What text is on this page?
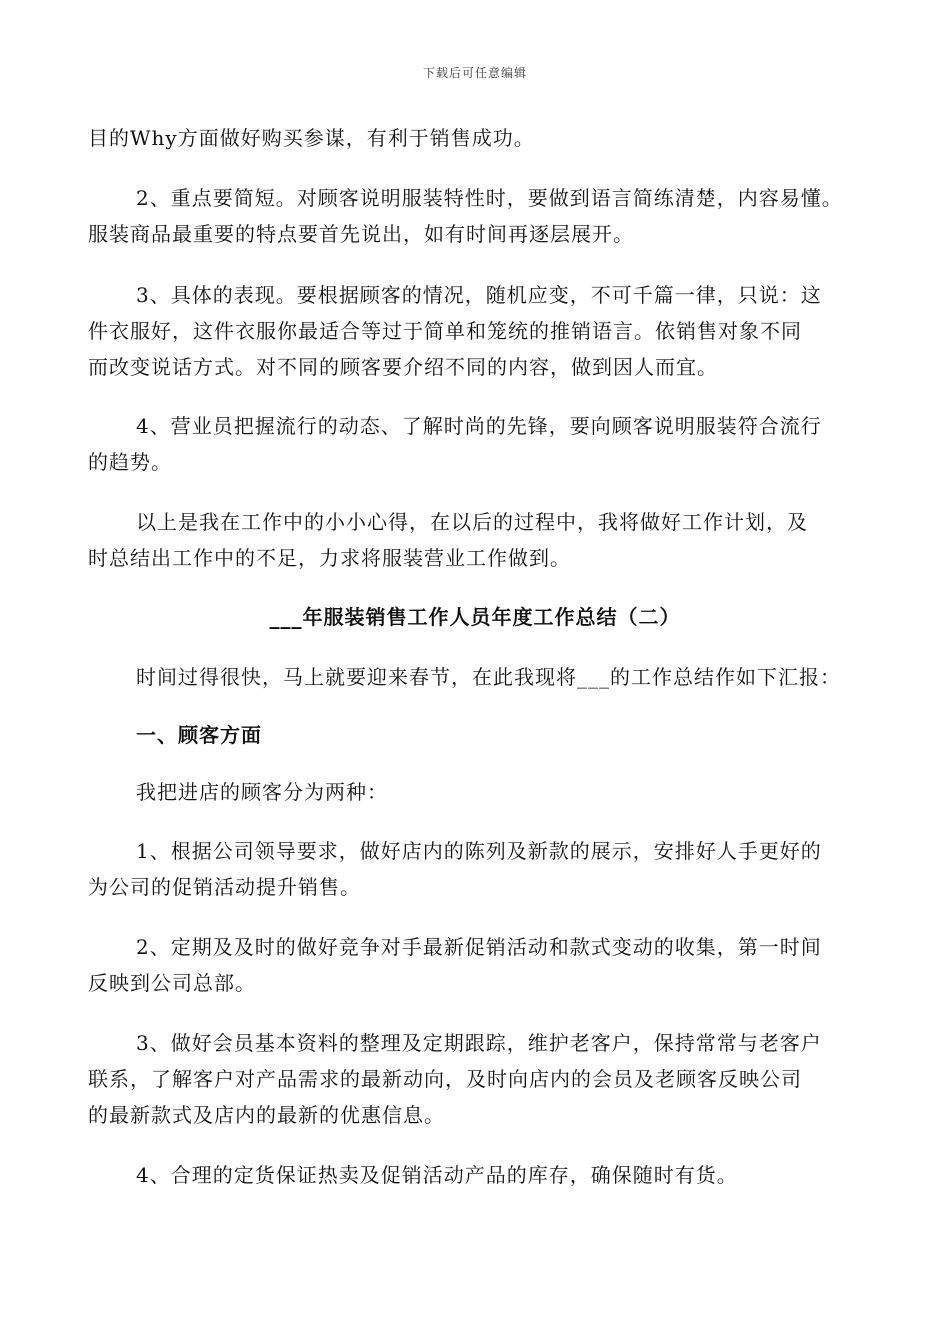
下载后可任意编辑
目的Why方面做好购买参谋，有利于销售成功。
2、重点要简短。对顾客说明服装特性时，要做到语言简练清楚，内容易懂。
服装商品最重要的特点要首先说出，如有时间再逐层展开。
3、具体的表现。要根据顾客的情况，随机应变，不可千篇一律，只说：这
件衣服好，这件衣服你最适合等过于简单和笼统的推销语言。依销售对象不同
而改变说话方式。对不同的顾客要介绍不同的内容，做到因人而宜。
4、营业员把握流行的动态、了解时尚的先锋，要向顾客说明服装符合流行
的趋势。
以上是我在工作中的小小心得，在以后的过程中，我将做好工作计划，及
时总结出工作中的不足，力求将服装营业工作做到。
___年服装销售工作人员年度工作总结（二）
时间过得很快，马上就要迎来春节，在此我现将___的工作总结作如下汇报：
一、顾客方面
我把进店的顾客分为两种：
1、根据公司领导要求，做好店内的陈列及新款的展示，安排好人手更好的
为公司的促销活动提升销售。
2、定期及及时的做好竞争对手最新促销活动和款式变动的收集，第一时间
反映到公司总部。
3、做好会员基本资料的整理及定期跟踪，维护老客户，保持常常与老客户
联系，了解客户对产品需求的最新动向，及时向店内的会员及老顾客反映公司
的最新款式及店内的最新的优惠信息。
4、合理的定货保证热卖及促销活动产品的库存，确保随时有货。
